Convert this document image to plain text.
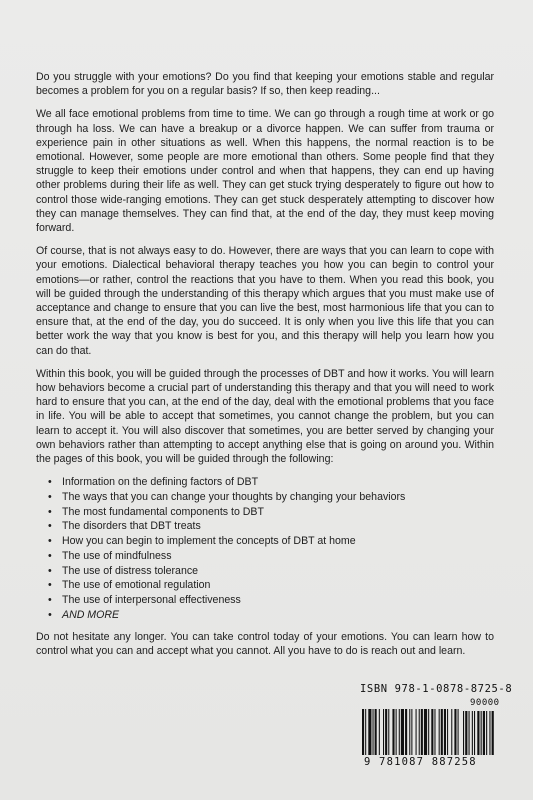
Do you struggle with your emotions? Do you find that keeping your emotions stable and regular becomes a problem for you on a regular basis? If so, then keep reading...

We all face emotional problems from time to time. We can go through a rough time at work or go through ha loss. We can have a breakup or a divorce happen. We can suffer from trauma or experience pain in other situations as well. When this happens, the normal reaction is to be emotional. However, some people are more emotional than others. Some people find that they struggle to keep their emotions under control and when that happens, they can end up having other problems during their life as well. They can get stuck trying desperately to figure out how to control those wide-ranging emotions. They can get stuck desperately attempting to discover how they can manage themselves. They can find that, at the end of the day, they must keep moving forward.

Of course, that is not always easy to do. However, there are ways that you can learn to cope with your emotions. Dialectical behavioral therapy teaches you how you can begin to control your emotions—or rather, control the reactions that you have to them. When you read this book, you will be guided through the understanding of this therapy which argues that you must make use of acceptance and change to ensure that you can live the best, most harmonious life that you can to ensure that, at the end of the day, you do succeed. It is only when you live this life that you can better work the way that you know is best for you, and this therapy will help you learn how you can do that.

Within this book, you will be guided through the processes of DBT and how it works. You will learn how behaviors become a crucial part of understanding this therapy and that you will need to work hard to ensure that you can, at the end of the day, deal with the emotional problems that you face in life. You will be able to accept that sometimes, you cannot change the problem, but you can learn to accept it. You will also discover that sometimes, you are better served by changing your own behaviors rather than attempting to accept anything else that is going on around you. Within the pages of this book, you will be guided through the following:

• Information on the defining factors of DBT
• The ways that you can change your thoughts by changing your behaviors
• The most fundamental components to DBT
• The disorders that DBT treats
• How you can begin to implement the concepts of DBT at home
• The use of mindfulness
• The use of distress tolerance
• The use of emotional regulation
• The use of interpersonal effectiveness
• AND MORE

Do not hesitate any longer. You can take control today of your emotions. You can learn how to control what you can and accept what you cannot. All you have to do is reach out and learn.

ISBN 978-1-0878-8725-8
90000
9 781087 887258
